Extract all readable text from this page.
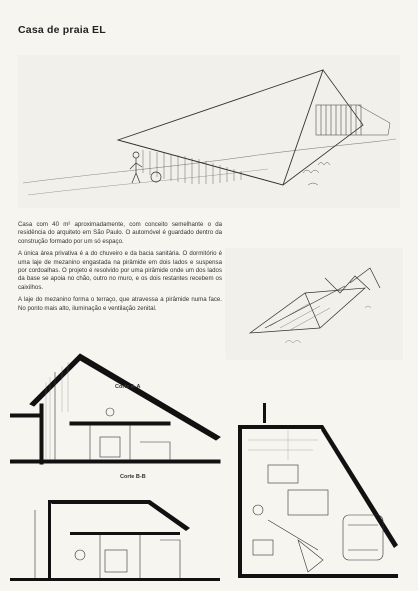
Casa de praia EL

Casa com 40 m² aproximadamente, com conceito semelhante o da residência do arquiteto em São Paulo. O automóvel é guardado dentro da construção formado por um só espaço.

A única área privativa é a do chuveiro e da bacia sanitária. O dormitório é uma laje de mezanino engastada na pirâmide em dois lados e suspensa por cordoalhas. O projeto é resolvido por uma pirâmide onde um dos lados da base se apoia no chão, outro no muro, e os dois restantes recebem os caixilhos.

A laje do mezanino forma o terraço, que atravessa a pirâmide numa face. No ponto mais alto, iluminação e ventilação zenital.

Corte A-A
Corte B-B
